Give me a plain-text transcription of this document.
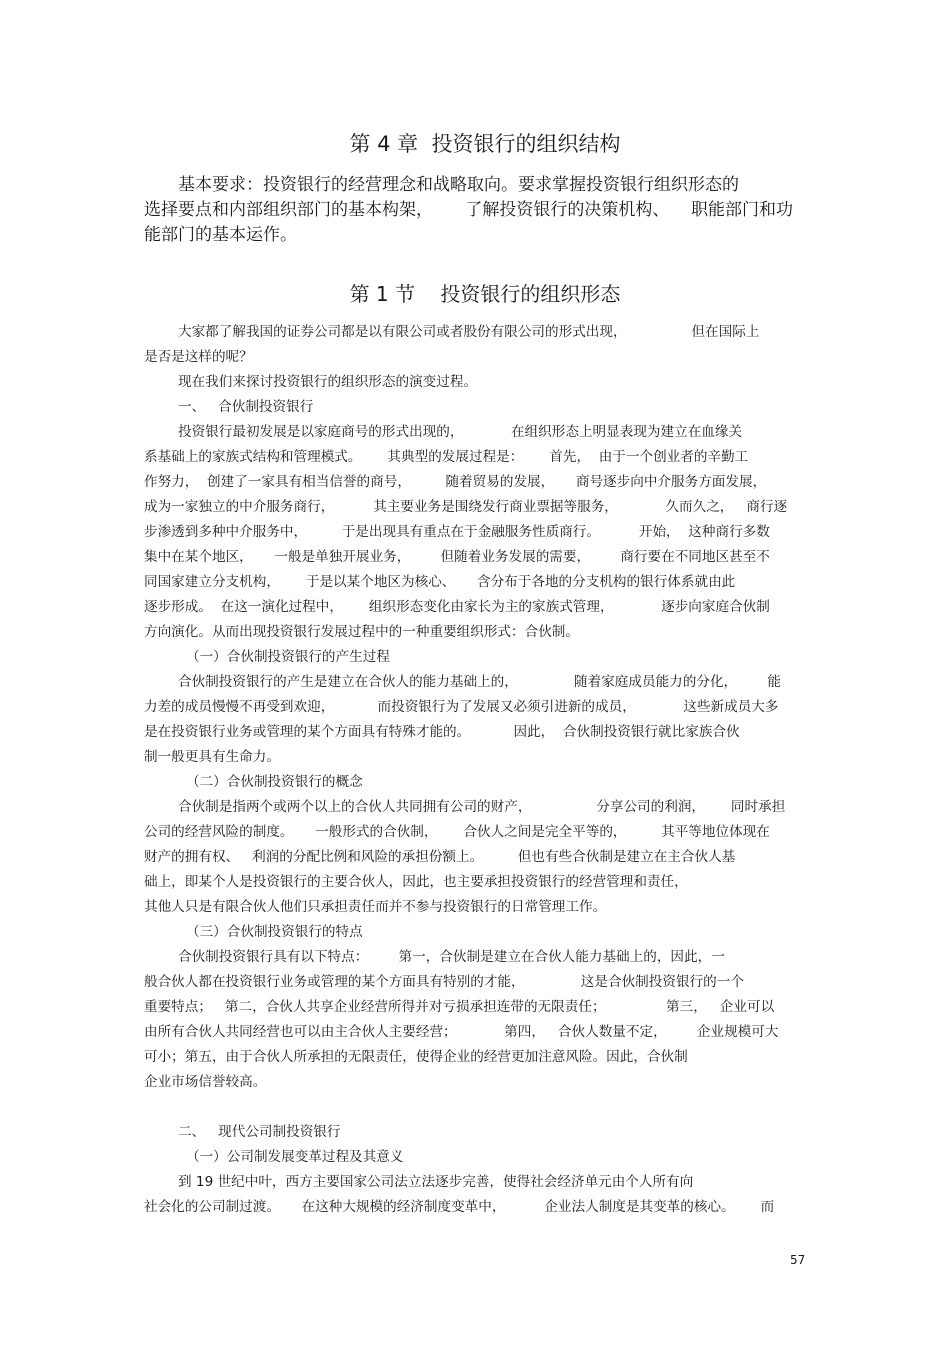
第 4 章  投资银行的组织结构
基本要求：投资银行的经营理念和战略取向。要求掌握投资银行组织形态的
选择要点和内部组织部门的基本构架，      了解投资银行的决策机构、    职能部门和功
能部门的基本运作。
第 1 节    投资银行的组织形态
大家都了解我国的证券公司都是以有限公司或者股份有限公司的形式出现，               但在国际上
是否是这样的呢？
现在我们来探讨投资银行的组织形态的演变过程。
一、   合伙制投资银行
投资银行最初发展是以家庭商号的形式出现的，           在组织形态上明显表现为建立在血缘关
系基础上的家族式结构和管理模式。      其典型的发展过程是：      首先，  由于一个创业者的辛勤工
作努力，  创建了一家具有相当信誉的商号，        随着贸易的发展，     商号逐步向中介服务方面发展，
成为一家独立的中介服务商行，         其主要业务是围绕发行商业票据等服务，           久而久之，   商行逐
步渗透到多种中介服务中，        于是出现具有重点在于金融服务性质商行。         开始，  这种商行多数
集中在某个地区，     一般是单独开展业务，       但随着业务发展的需要，       商行要在不同地区甚至不
同国家建立分支机构，      于是以某个地区为核心、     含分布于各地的分支机构的银行体系就由此
逐步形成。  在这一演化过程中，      组织形态变化由家长为主的家族式管理，           逐步向家庭合伙制
方向演化。从而出现投资银行发展过程中的一种重要组织形式：合伙制。
（一）合伙制投资银行的产生过程
合伙制投资银行的产生是建立在合伙人的能力基础上的，             随着家庭成员能力的分化，       能
力差的成员慢慢不再受到欢迎，          而投资银行为了发展又必须引进新的成员，           这些新成员大多
是在投资银行业务或管理的某个方面具有特殊才能的。          因此，  合伙制投资银行就比家族合伙
制一般更具有生命力。
（二）合伙制投资银行的概念
合伙制是指两个或两个以上的合伙人共同拥有公司的财产，               分享公司的利润，      同时承担
公司的经营风险的制度。     一般形式的合伙制，      合伙人之间是完全平等的，        其平等地位体现在
财产的拥有权、   利润的分配比例和风险的承担份额上。        但也有些合伙制是建立在主合伙人基
础上，即某个人是投资银行的主要合伙人，因此，也主要承担投资银行的经营管理和责任，
其他人只是有限合伙人他们只承担责任而并不参与投资银行的日常管理工作。
（三）合伙制投资银行的特点
合伙制投资银行具有以下特点：       第一，合伙制是建立在合伙人能力基础上的，因此，一
般合伙人都在投资银行业务或管理的某个方面具有特别的才能，             这是合伙制投资银行的一个
重要特点；   第二，合伙人共享企业经营所得并对亏损承担连带的无限责任；              第三，   企业可以
由所有合伙人共同经营也可以由主合伙人主要经营；           第四，   合伙人数量不定，       企业规模可大
可小；第五，由于合伙人所承担的无限责任，使得企业的经营更加注意风险。因此，合伙制
企业市场信誉较高。
二、   现代公司制投资银行
（一）公司制发展变革过程及其意义
到 19 世纪中叶，西方主要国家公司法立法逐步完善，使得社会经济单元由个人所有向
社会化的公司制过渡。     在这种大规模的经济制度变革中，         企业法人制度是其变革的核心。      而
57
